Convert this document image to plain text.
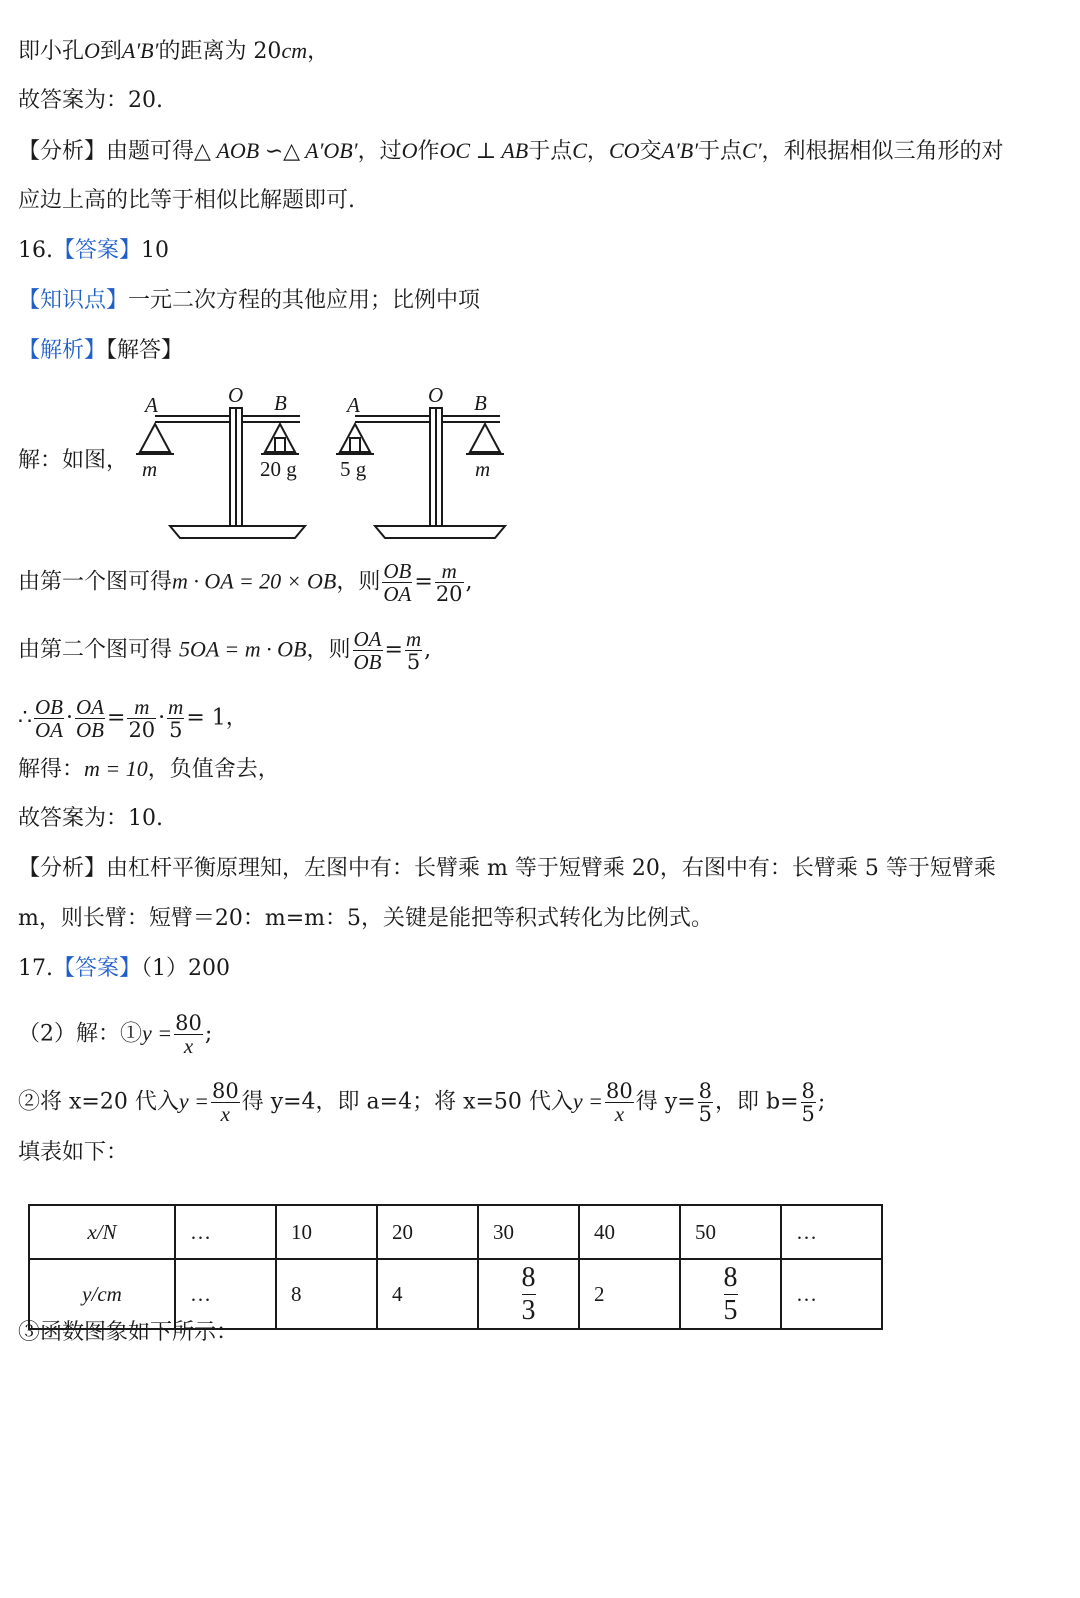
即小孔O到A′B′的距离为 20cm，
故答案为：20.
【分析】由题可得△ AOB ∽△ A′OB′，过O作OC ⊥ AB于点C，CO交A′B′于点C′，利根据相似三角形的对
应边上高的比等于相似比解题即可.
16.【答案】10
【知识点】一元二次方程的其他应用；比例中项
【解析】【解答】
解：如图，
A	O B
m	20 g
A	O B
5 g	m
由第一个图可得m · OA = 20 × OB，则 $\frac{OB}{OA} = \frac{m}{20}$ ,
由第二个图可得 5OA = m · OB，则 $\frac{OA}{OB} = \frac{m}{5}$ ,
∴ $\frac{OB}{OA} \cdot \frac{OA}{OB} = \frac{m}{20} \cdot \frac{m}{5} = 1$，
解得：m = 10，负值舍去，
故答案为：10.
【分析】由杠杆平衡原理知，左图中有：长臂乘 m 等于短臂乘 20，右图中有：长臂乘 5 等于短臂乘
m，则长臂：短臂＝20：m=m：5，关键是能把等积式转化为比例式。
17.【答案】（1）200
（2）解：①y = $\frac{80}{x}$ ;
②将 x=20 代入$y = \frac{80}{x}$ 得 y=4，即 a=4；将 x=50 代入$y = \frac{80}{x}$ 得 $y= \frac{8}{5}$ ，即 $b= \frac{8}{5}$ ;
填表如下：
x/N	…	10	20	30	40	50	…
y/cm	…	8	4	$\frac{8}{3}$	2	$\frac{8}{5}$	…
③函数图象如下所示：
